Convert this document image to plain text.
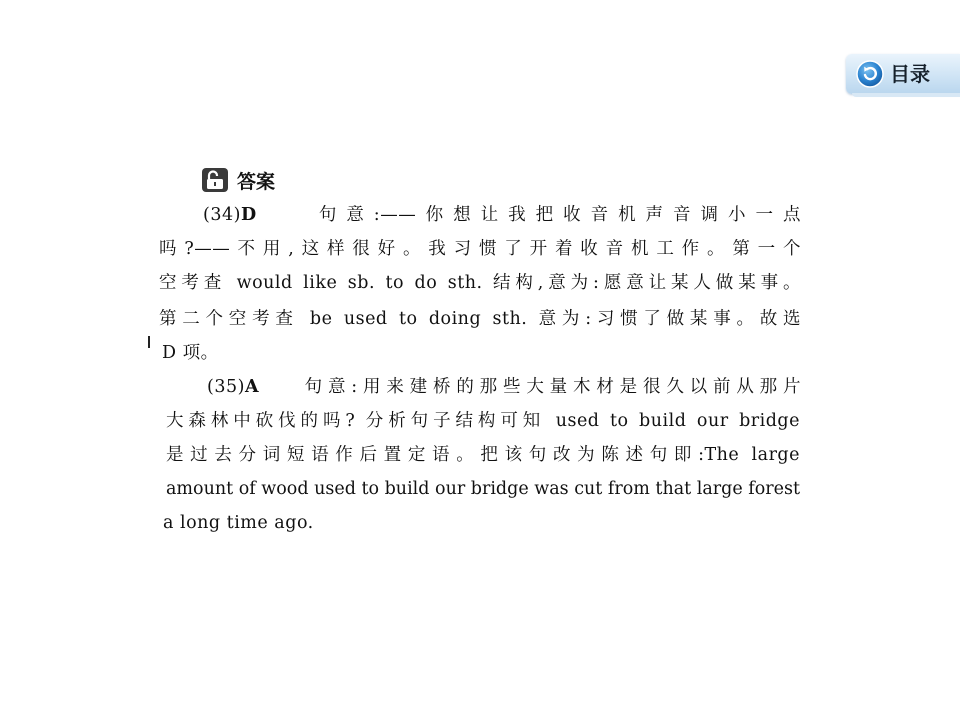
目录
答案
(34)D	句意:——你想让我把收音机声音调小一点
吗?——不用,这样很好。我习惯了开着收音机工作。第一个
空考查 would like sb. to do sth. 结构,意为:愿意让某人做某事。
第二个空考查 be used to doing sth. 意为:习惯了做某事。故选
D 项。
(35)A	句意:用来建桥的那些大量木材是很久以前从那片
大森林中砍伐的吗? 分析句子结构可知 used to build our bridge
是过去分词短语作后置定语。把该句改为陈述句即:The large
amount of wood used to build our bridge was cut from that large forest
a long time ago.
